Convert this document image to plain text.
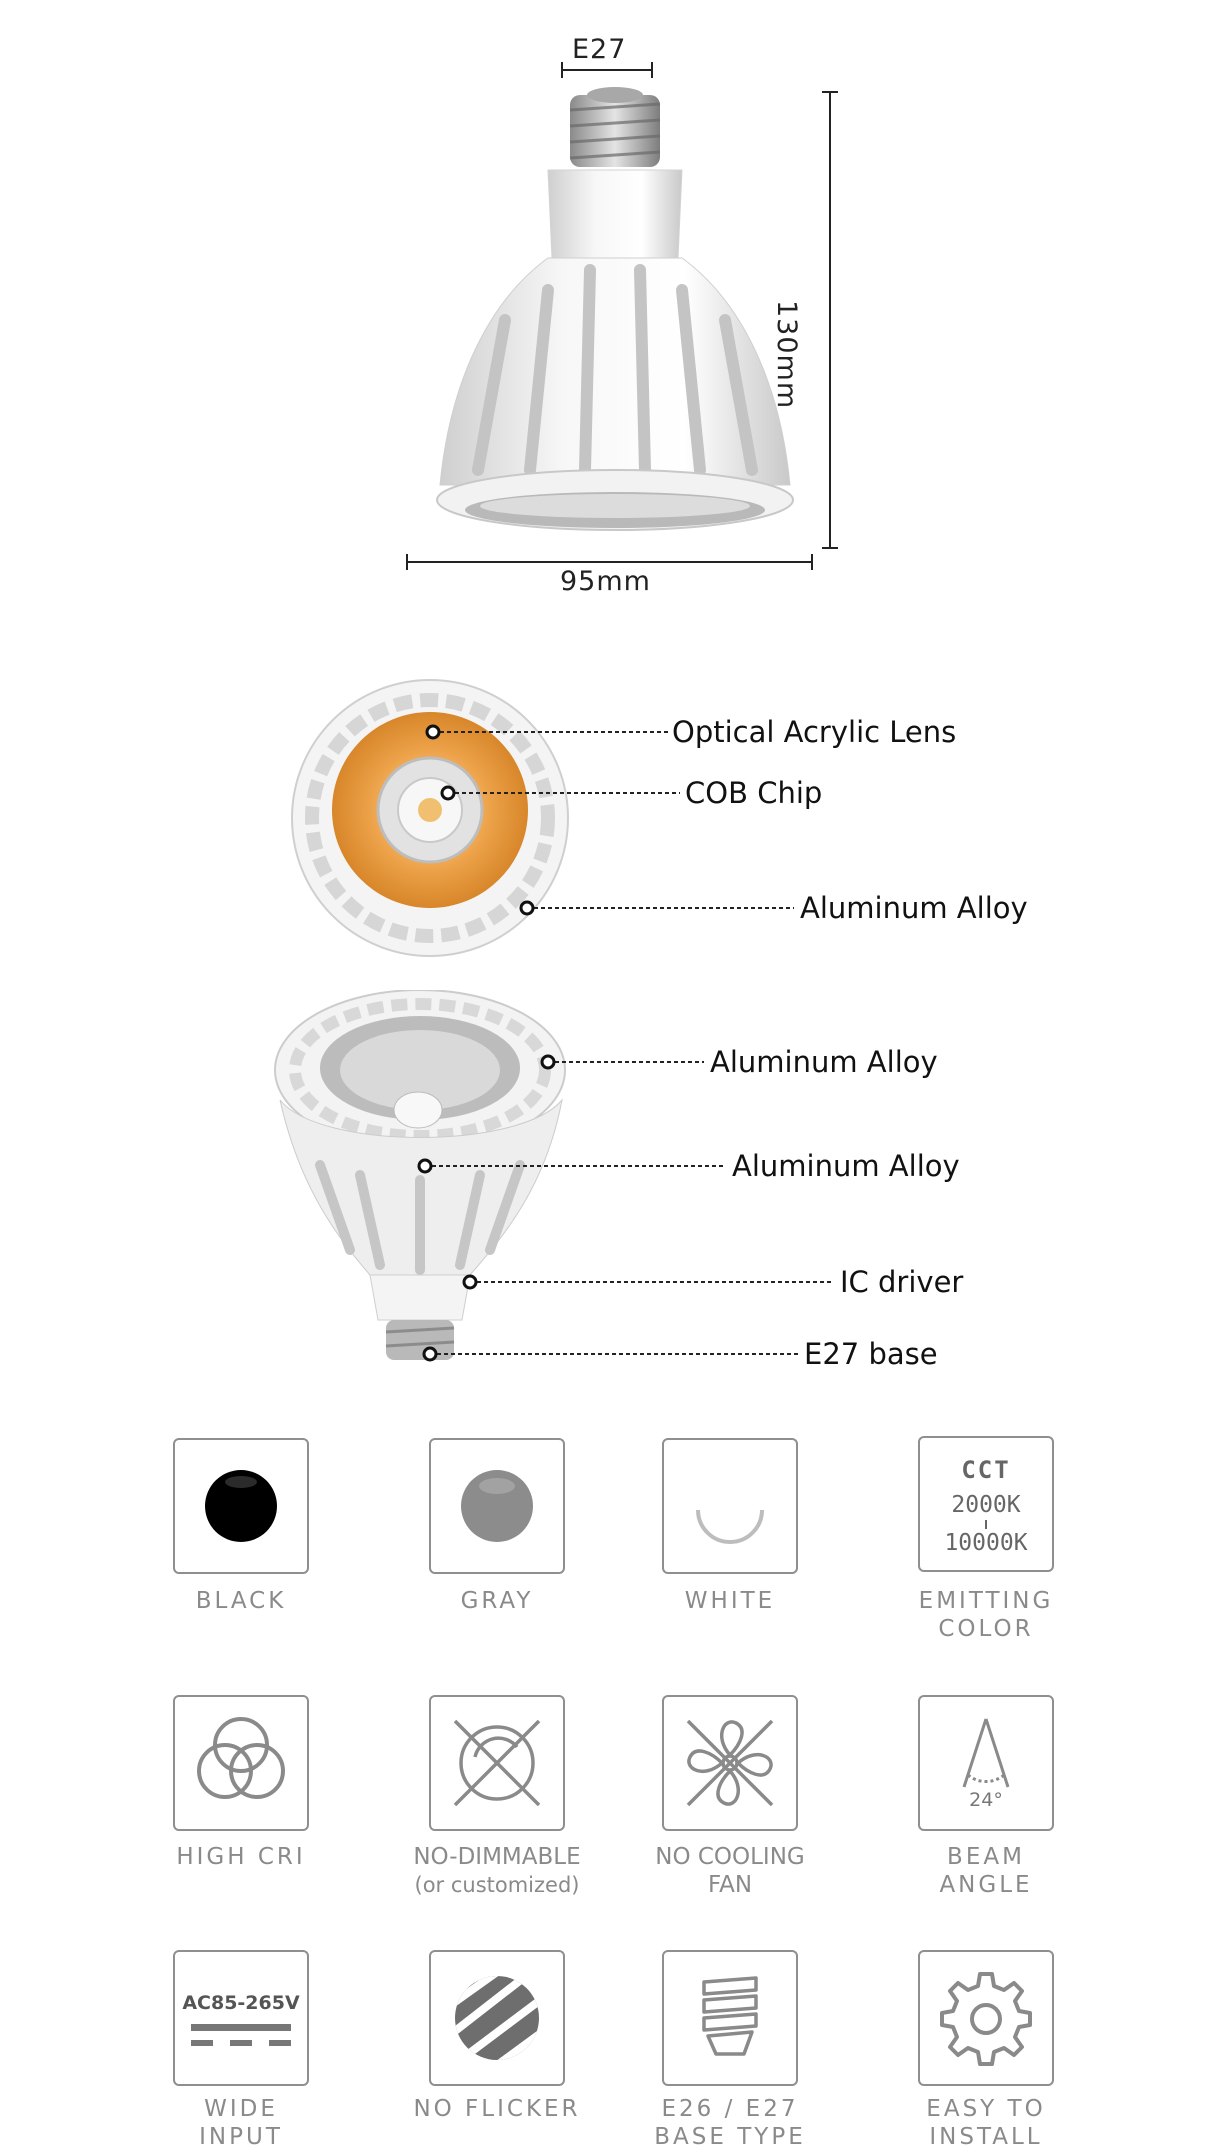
E27
130mm
95mm
Optical Acrylic Lens
COB Chip
Aluminum Alloy
Aluminum Alloy
Aluminum Alloy
IC driver
E27 base
BLACK	GRAY	WHITE
CCT
2000K
10000K
EMITTING
COLOR
HIGH CRI	NO-DIMMABLE
(or customized)
NO COOLING
FAN
24°
BEAM
ANGLE
AC85-265V
WIDE
INPUT
NO FLICKER	E26 / E27
BASE TYPE
EASY TO
INSTALL
